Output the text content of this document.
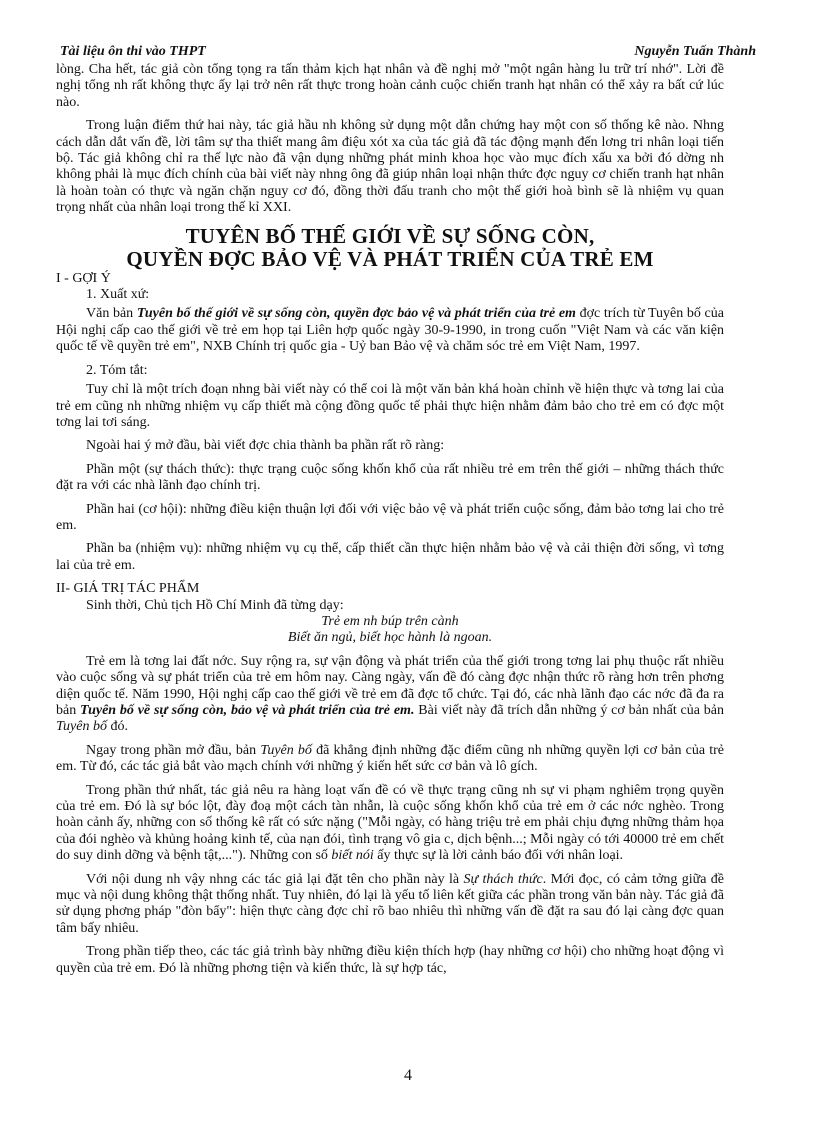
Tài liệu ôn thi vào THPT	Nguyễn Tuấn Thành

lòng. Cha hết, tác giả còn tổng tọng ra tấn thảm kịch hạt nhân và đề nghị mở "một ngân hàng lu trữ trí nhớ". Lời đề nghị tổng nh rất không thực ấy lại trở nên rất thực trong hoàn cảnh cuộc chiến tranh hạt nhân có thể xảy ra bất cứ lúc nào.

Trong luận điểm thứ hai này, tác giả hầu nh không sử dụng một dẫn chứng hay một con số thống kê nào. Nhng cách dẫn dắt vấn đề, lời tâm sự tha thiết mang âm điệu xót xa của tác giả đã tác động mạnh đến lơng tri nhân loại tiến bộ. Tác giả không chỉ ra thế lực nào đã vận dụng những phát minh khoa học vào mục đích xấu xa bởi đó dờng nh không phải là mục đích chính của bài viết này nhng ông đã giúp nhân loại nhận thức đợc nguy cơ chiến tranh hạt nhân là hoàn toàn có thực và ngăn chặn nguy cơ đó, đồng thời đấu tranh cho một thế giới hoà bình sẽ là nhiệm vụ quan trọng nhất của nhân loại trong thế kỉ XXI.

TUYÊN BỐ THẾ GIỚI VỀ SỰ SỐNG CÒN,
QUYỀN ĐỢC BẢO VỆ VÀ PHÁT TRIỂN CỦA TRẺ EM

I - GỢI Ý

1. Xuất xứ:

Văn bản Tuyên bố thế giới về sự sống còn, quyền đợc bảo vệ và phát triển của trẻ em đợc trích từ Tuyên bố của Hội nghị cấp cao thế giới về trẻ em họp tại Liên hợp quốc ngày 30-9-1990, in trong cuốn "Việt Nam và các văn kiện quốc tế về quyền trẻ em", NXB Chính trị quốc gia - Uỷ ban Bảo vệ và chăm sóc trẻ em Việt Nam, 1997.

2. Tóm tắt:

Tuy chỉ là một trích đoạn nhng bài viết này có thể coi là một văn bản khá hoàn chỉnh về hiện thực và tơng lai của trẻ em cũng nh những nhiệm vụ cấp thiết mà cộng đồng quốc tế phải thực hiện nhằm đảm bảo cho trẻ em có đợc một tơng lai tơi sáng.

Ngoài hai ý mở đầu, bài viết đợc chia thành ba phần rất rõ ràng:

Phần một (sự thách thức): thực trạng cuộc sống khốn khổ của rất nhiều trẻ em trên thế giới – những thách thức đặt ra với các nhà lãnh đạo chính trị.

Phần hai (cơ hội): những điều kiện thuận lợi đối với việc bảo vệ và phát triển cuộc sống, đảm bảo tơng lai cho trẻ em.

Phần ba (nhiệm vụ): những nhiệm vụ cụ thể, cấp thiết cần thực hiện nhằm bảo vệ và cải thiện đời sống, vì tơng lai của trẻ em.

II- GIÁ TRỊ TÁC PHẨM

Sinh thời, Chủ tịch Hồ Chí Minh đã từng dạy:

Trẻ em nh búp trên cành

Biết ăn ngủ, biết học hành là ngoan.

Trẻ em là tơng lai đất nớc. Suy rộng ra, sự vận động và phát triển của thế giới trong tơng lai phụ thuộc rất nhiều vào cuộc sống và sự phát triển của trẻ em hôm nay. Càng ngày, vấn đề đó càng đợc nhận thức rõ ràng hơn trên phơng diện quốc tế. Năm 1990, Hội nghị cấp cao thế giới về trẻ em đã đợc tổ chức. Tại đó, các nhà lãnh đạo các nớc đã đa ra bản Tuyên bố về sự sống còn, bảo vệ và phát triển của trẻ em. Bài viết này đã trích dẫn những ý cơ bản nhất của bản Tuyên bố đó.

Ngay trong phần mở đầu, bản Tuyên bố đã khẳng định những đặc điểm cũng nh những quyền lợi cơ bản của trẻ em. Từ đó, các tác giả bắt vào mạch chính với những ý kiến hết sức cơ bản và lô gích.

Trong phần thứ nhất, tác giả nêu ra hàng loạt vấn đề có về thực trạng cũng nh sự vi phạm nghiêm trọng quyền của trẻ em. Đó là sự bóc lột, đày đoạ một cách tàn nhẫn, là cuộc sống khốn khổ của trẻ em ở các nớc nghèo. Trong hoàn cảnh ấy, những con số thống kê rất có sức nặng ("Mỗi ngày, có hàng triệu trẻ em phải chịu đựng những thảm họa của đói nghèo và khủng hoảng kinh tế, của nạn đói, tình trạng vô gia c, dịch bệnh...; Mỗi ngày có tới 40000 trẻ em chết do suy dinh dỡng và bệnh tật,..."). Những con số biết nói ấy thực sự là lời cảnh báo đối với nhân loại.

Với nội dung nh vậy nhng các tác giả lại đặt tên cho phần này là Sự thách thức. Mới đọc, có cảm tởng giữa đề mục và nội dung không thật thống nhất. Tuy nhiên, đó lại là yếu tố liên kết giữa các phần trong văn bản này. Tác giả đã sử dụng phơng pháp "đòn bẩy": hiện thực càng đợc chỉ rõ bao nhiêu thì những vấn đề đặt ra sau đó lại càng đợc quan tâm bấy nhiêu.

Trong phần tiếp theo, các tác giả trình bày những điều kiện thích hợp (hay những cơ hội) cho những hoạt động vì quyền của trẻ em. Đó là những phơng tiện và kiến thức, là sự hợp tác,

4
